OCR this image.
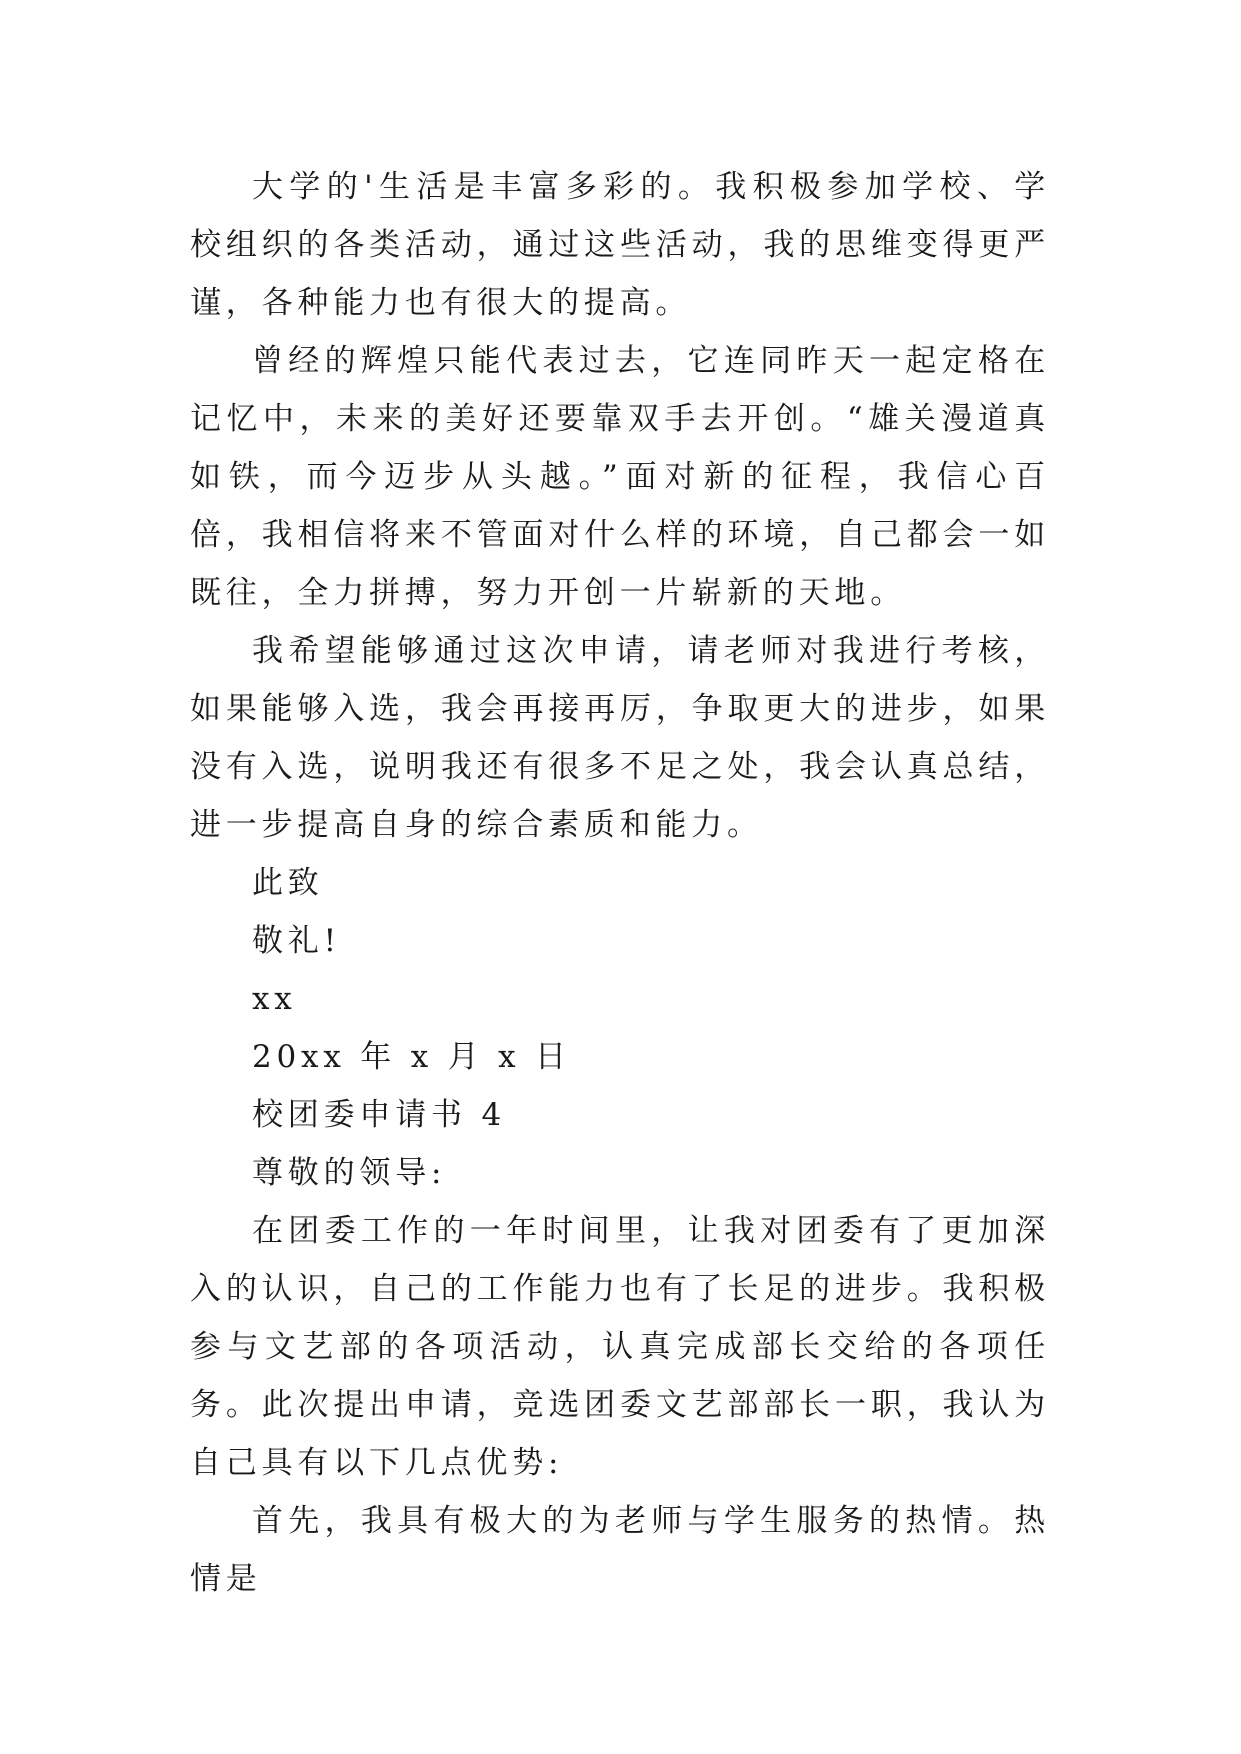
大学的'生活是丰富多彩的。我积极参加学校、学校组织的各类活动，通过这些活动，我的思维变得更严谨，各种能力也有很大的提高。

曾经的辉煌只能代表过去，它连同昨天一起定格在记忆中，未来的美好还要靠双手去开创。“雄关漫道真如铁，而今迈步从头越。”面对新的征程，我信心百倍，我相信将来不管面对什么样的环境，自己都会一如既往，全力拼搏，努力开创一片崭新的天地。

我希望能够通过这次申请，请老师对我进行考核，如果能够入选，我会再接再厉，争取更大的进步，如果没有入选，说明我还有很多不足之处，我会认真总结，进一步提高自身的综合素质和能力。

此致

敬礼!

xx

20xx 年 x 月 x 日

校团委申请书 4

尊敬的领导:

在团委工作的一年时间里，让我对团委有了更加深入的认识，自己的工作能力也有了长足的进步。我积极参与文艺部的各项活动，认真完成部长交给的各项任务。此次提出申请，竞选团委文艺部部长一职，我认为自己具有以下几点优势:

首先，我具有极大的为老师与学生服务的热情。热情是
